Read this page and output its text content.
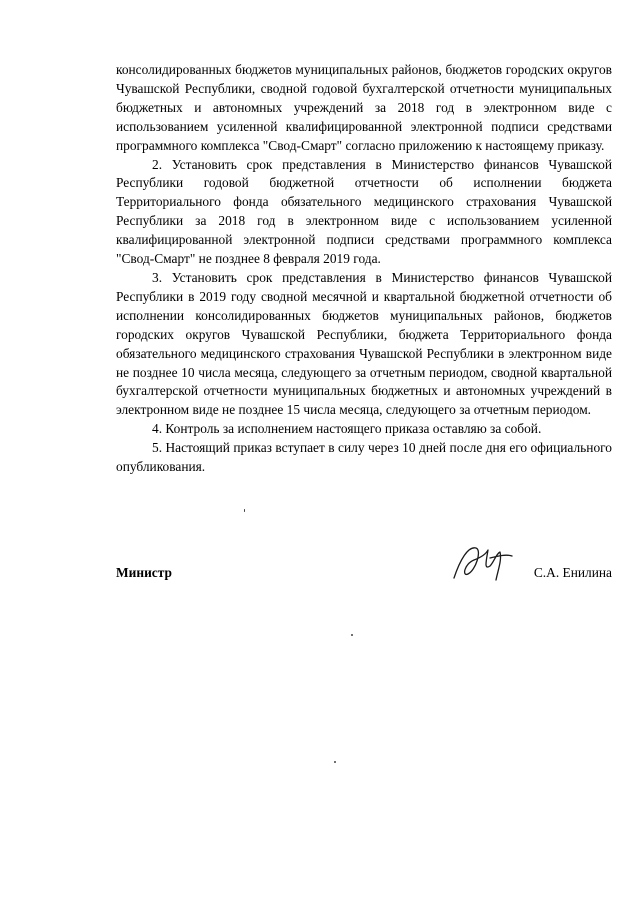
консолидированных бюджетов муниципальных районов, бюджетов городских округов Чувашской Республики, сводной годовой бухгалтерской отчетности муниципальных бюджетных и автономных учреждений за 2018 год в электронном виде с использованием усиленной квалифицированной электронной подписи средствами программного комплекса "Свод-Смарт" согласно приложению к настоящему приказу.

2. Установить срок представления в Министерство финансов Чувашской Республики годовой бюджетной отчетности об исполнении бюджета Территориального фонда обязательного медицинского страхования Чувашской Республики за 2018 год в электронном виде с использованием усиленной квалифицированной электронной подписи средствами программного комплекса "Свод-Смарт" не позднее 8 февраля 2019 года.

3. Установить срок представления в Министерство финансов Чувашской Республики в 2019 году сводной месячной и квартальной бюджетной отчетности об исполнении консолидированных бюджетов муниципальных районов, бюджетов городских округов Чувашской Республики, бюджета Территориального фонда обязательного медицинского страхования Чувашской Республики в электронном виде не позднее 10 числа месяца, следующего за отчетным периодом, сводной квартальной бухгалтерской отчетности муниципальных бюджетных и автономных учреждений в электронном виде не позднее 15 числа месяца, следующего за отчетным периодом.

4. Контроль за исполнением настоящего приказа оставляю за собой.

5. Настоящий приказ вступает в силу через 10 дней после дня его официального опубликования.

Министр	С.А. Енилина
